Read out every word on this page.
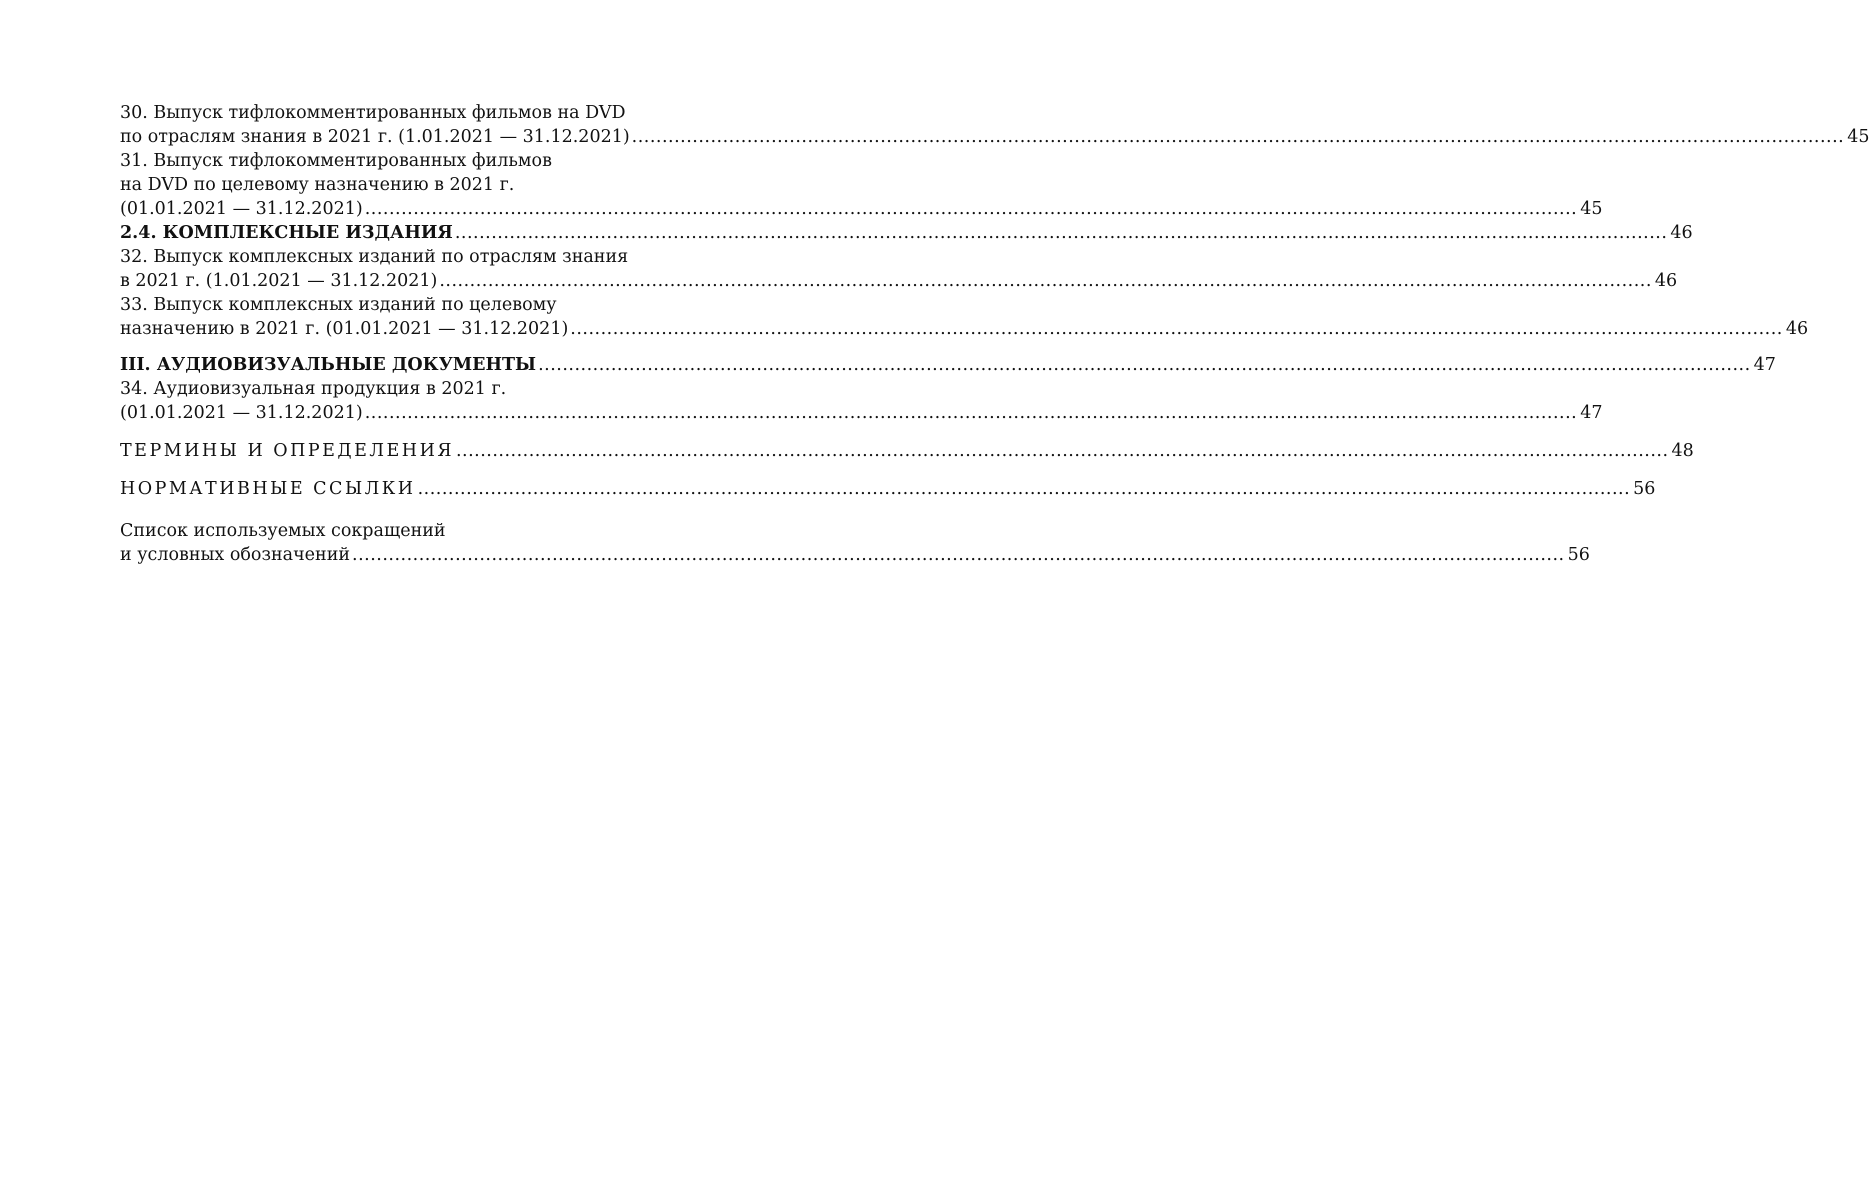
30. Выпуск тифлокомментированных фильмов на DVD
по отраслям знания в 2021 г. (1.01.2021 — 31.12.2021) ........................................................................................................................................................................................................ 45
31. Выпуск тифлокомментированных фильмов
на DVD по целевому назначению в 2021 г.
(01.01.2021 — 31.12.2021) ........................................................................................................................................................................................................ 45
2.4. КОМПЛЕКСНЫЕ ИЗДАНИЯ ........................................................................................................................................................................................................ 46
32. Выпуск комплексных изданий по отраслям знания
в 2021 г. (1.01.2021 — 31.12.2021) ........................................................................................................................................................................................................ 46
33. Выпуск комплексных изданий по целевому
назначению в 2021 г. (01.01.2021 — 31.12.2021) ........................................................................................................................................................................................................ 46
III. АУДИОВИЗУАЛЬНЫЕ ДОКУМЕНТЫ ........................................................................................................................................................................................................ 47
34. Аудиовизуальная продукция в 2021 г.
(01.01.2021 — 31.12.2021) ........................................................................................................................................................................................................ 47
ТЕРМИНЫ И ОПРЕДЕЛЕНИЯ ........................................................................................................................................................................................................ 48
НОРМАТИВНЫЕ ССЫЛКИ ........................................................................................................................................................................................................ 56
Список используемых сокращений
и условных обозначений ........................................................................................................................................................................................................ 56
